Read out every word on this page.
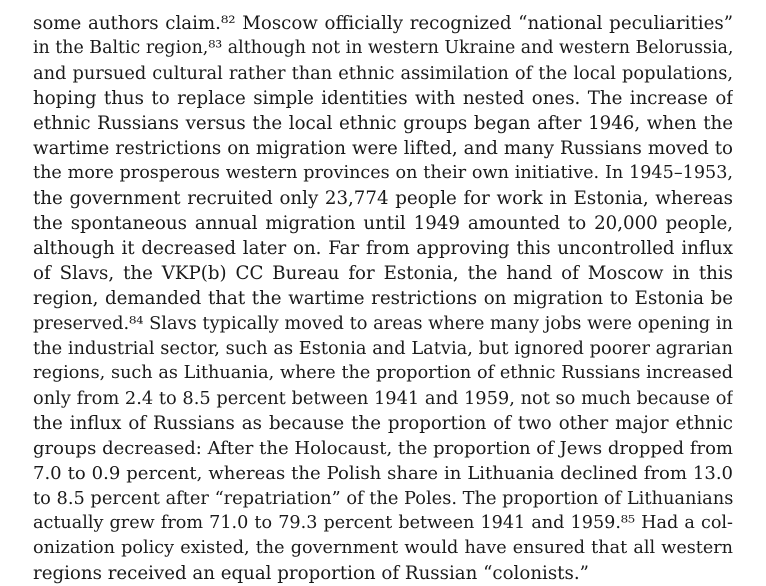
some authors claim.⁸² Moscow officially recognized “national peculiarities”
in the Baltic region,⁸³ although not in western Ukraine and western Belorussia,
and pursued cultural rather than ethnic assimilation of the local populations,
hoping thus to replace simple identities with nested ones. The increase of
ethnic Russians versus the local ethnic groups began after 1946, when the
wartime restrictions on migration were lifted, and many Russians moved to
the more prosperous western provinces on their own initiative. In 1945–1953,
the government recruited only 23,774 people for work in Estonia, whereas
the spontaneous annual migration until 1949 amounted to 20,000 people,
although it decreased later on. Far from approving this uncontrolled influx
of Slavs, the VKP(b) CC Bureau for Estonia, the hand of Moscow in this
region, demanded that the wartime restrictions on migration to Estonia be
preserved.⁸⁴ Slavs typically moved to areas where many jobs were opening in
the industrial sector, such as Estonia and Latvia, but ignored poorer agrarian
regions, such as Lithuania, where the proportion of ethnic Russians increased
only from 2.4 to 8.5 percent between 1941 and 1959, not so much because of
the influx of Russians as because the proportion of two other major ethnic
groups decreased: After the Holocaust, the proportion of Jews dropped from
7.0 to 0.9 percent, whereas the Polish share in Lithuania declined from 13.0
to 8.5 percent after “repatriation” of the Poles. The proportion of Lithuanians
actually grew from 71.0 to 79.3 percent between 1941 and 1959.⁸⁵ Had a col-
onization policy existed, the government would have ensured that all western
regions received an equal proportion of Russian “colonists.”
